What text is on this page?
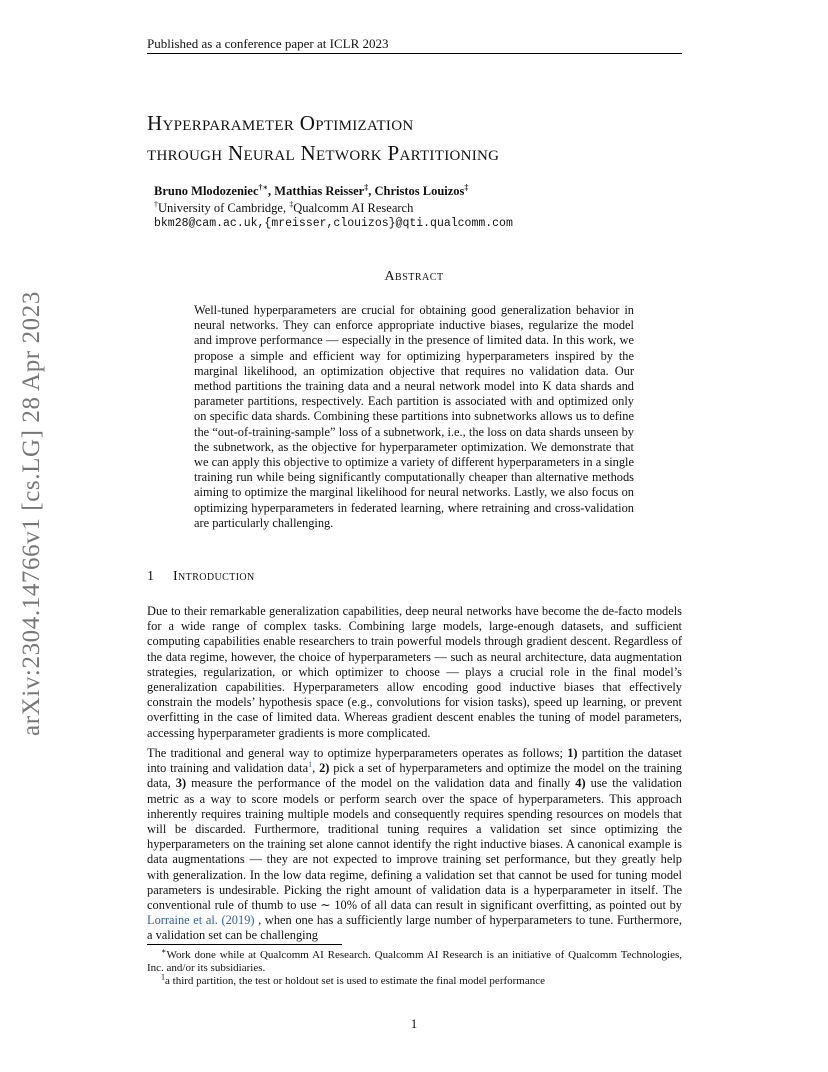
Published as a conference paper at ICLR 2023
Hyperparameter Optimization
through Neural Network Partitioning
Bruno Mlodozeniec†∗, Matthias Reisser‡, Christos Louizos‡
†University of Cambridge, ‡Qualcomm AI Research
bkm28@cam.ac.uk,{mreisser,clouizos}@qti.qualcomm.com
Abstract
Well-tuned hyperparameters are crucial for obtaining good generalization behavior in neural networks. They can enforce appropriate inductive biases, regularize the model and improve performance — especially in the presence of limited data. In this work, we propose a simple and efficient way for optimizing hyperparameters inspired by the marginal likelihood, an optimization objective that requires no validation data. Our method partitions the training data and a neural network model into K data shards and parameter partitions, respectively. Each partition is associated with and optimized only on specific data shards. Combining these partitions into subnetworks allows us to define the “out-of-training-sample” loss of a subnetwork, i.e., the loss on data shards unseen by the subnetwork, as the objective for hyperparameter optimization. We demonstrate that we can apply this objective to optimize a variety of different hyperparameters in a single training run while being significantly computationally cheaper than alternative methods aiming to optimize the marginal likelihood for neural networks. Lastly, we also focus on optimizing hyperparameters in federated learning, where retraining and cross-validation are particularly challenging.
arXiv:2304.14766v1 [cs.LG] 28 Apr 2023	1 Introduction

Due to their remarkable generalization capabilities, deep neural networks have become the de-facto models for a wide range of complex tasks. Combining large models, large-enough datasets, and sufficient computing capabilities enable researchers to train powerful models through gradient descent. Regardless of the data regime, however, the choice of hyperparameters — such as neural architecture, data augmentation strategies, regularization, or which optimizer to choose — plays a crucial role in the final model’s generalization capabilities. Hyperparameters allow encoding good inductive biases that effectively constrain the models’ hypothesis space (e.g., convolutions for vision tasks), speed up learning, or prevent overfitting in the case of limited data. Whereas gradient descent enables the tuning of model parameters, accessing hyperparameter gradients is more complicated.

The traditional and general way to optimize hyperparameters operates as follows; 1) partition the dataset into training and validation data$^1$, 2) pick a set of hyperparameters and optimize the model on the training data, 3) measure the performance of the model on the validation data and finally 4) use the validation metric as a way to score models or perform search over the space of hyperparameters. This approach inherently requires training multiple models and consequently requires spending resources on models that will be discarded. Furthermore, traditional tuning requires a validation set since optimizing the hyperparameters on the training set alone cannot identify the right inductive biases. A canonical example is data augmentations — they are not expected to improve training set performance, but they greatly help with generalization. In the low data regime, defining a validation set that cannot be used for tuning model parameters is undesirable. Picking the right amount of validation data is a hyperparameter in itself. The conventional rule of thumb to use ∼ 10% of all data can result in significant overfitting, as pointed out by Lorraine et al. (2019) , when one has a sufficiently large number of hyperparameters to tune. Furthermore, a validation set can be challenging

∗Work done while at Qualcomm AI Research. Qualcomm AI Research is an initiative of Qualcomm Technologies, Inc. and/or its subsidiaries.

$^1$a third partition, the test or holdout set is used to estimate the final model performance

1
